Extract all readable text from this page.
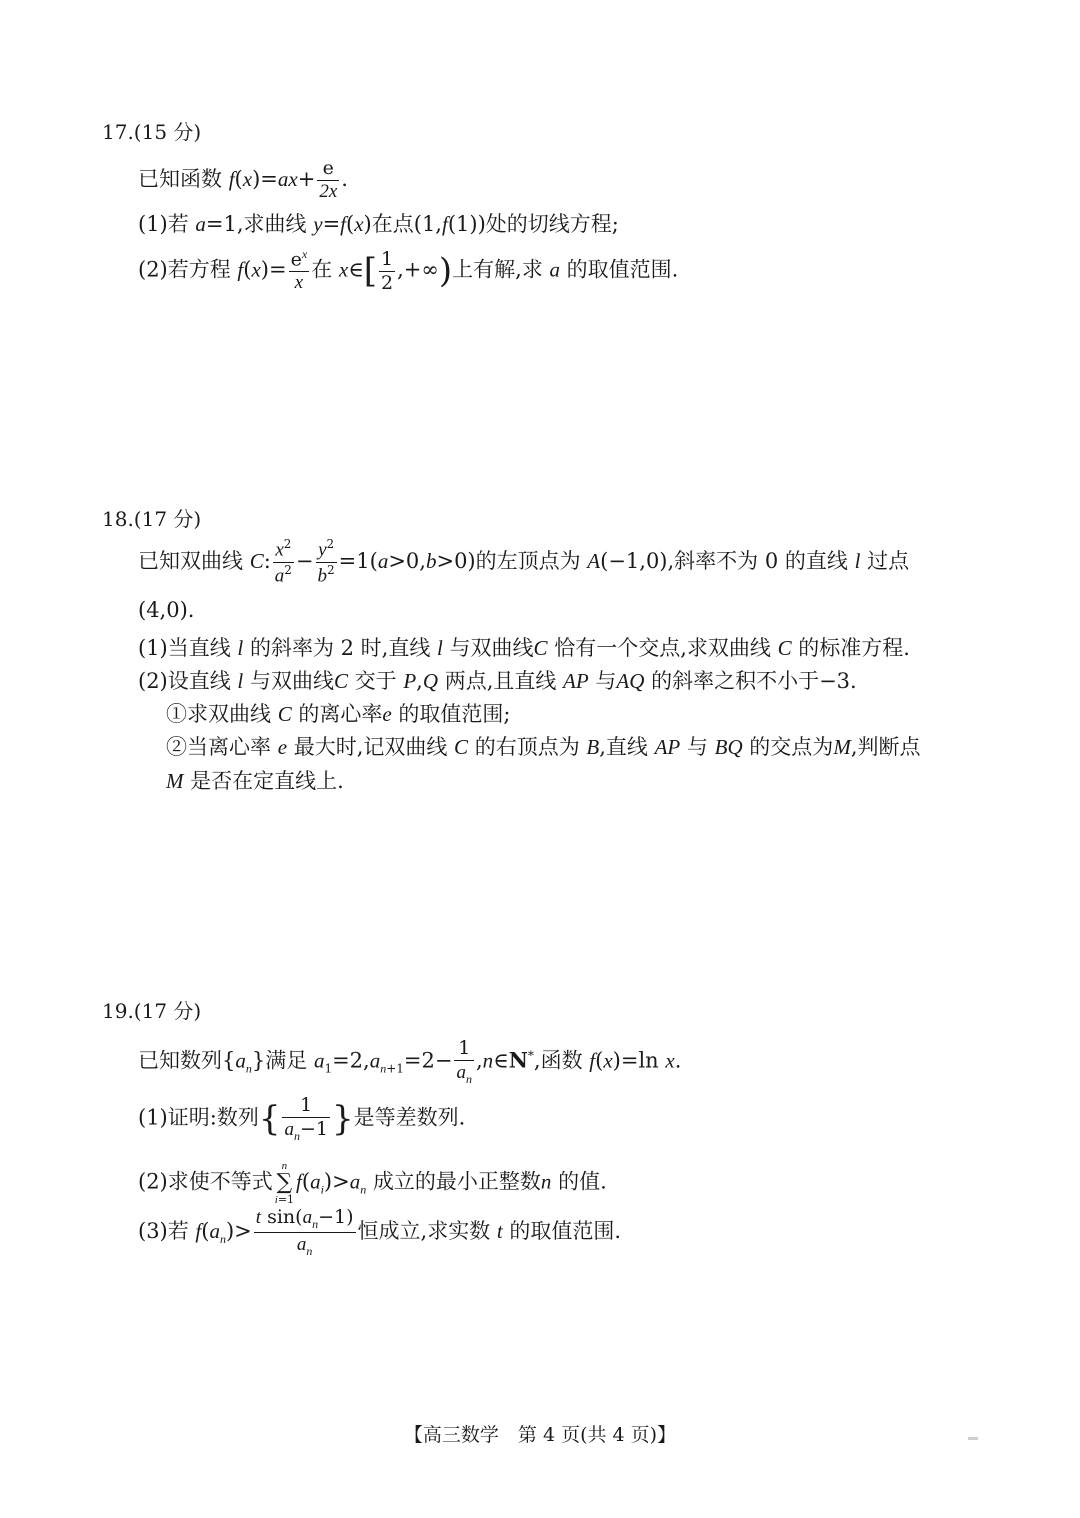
17.(15 分)
已知函数 $f(x)=ax+ \frac{e}{2x}$ .
(1)若 a=1,求曲线 y=f(x)在点(1,f(1))处的切线方程;
(2)若方程 $f(x)= \frac{e^x}{x}$ 在 x∈[ $\frac{1}{2}$ ,+∞)上有解,求 a 的取值范围.
18.(17 分)
已知双曲线 C: $\frac{x^2}{a^2} - \frac{y^2}{b^2} =1(a>0,b>0)$的左顶点为 A(−1,0),斜率不为 0 的直线 l 过点
(4,0).
(1)当直线 l 的斜率为 2 时,直线 l 与双曲线C 恰有一个交点,求双曲线 C 的标准方程.
(2)设直线 l 与双曲线C 交于 P,Q 两点,且直线 AP 与AQ 的斜率之积不小于−3.
①求双曲线 C 的离心率e 的取值范围;
②当离心率 e 最大时,记双曲线 C 的右顶点为 B,直线 AP 与 BQ 的交点为M,判断点
M 是否在定直线上.
19.(17 分)
已知数列$\{a_n\}$满足 $a_1=2,a_{n+1}=2- \frac{1}{a_n}$ ,n∈N*,函数 f(x)=ln x.
(1)证明:数列{ $\frac{1}{a_n-1}$ }是等差数列.
(2)求使不等式n
∑
$i=1f(a_i)>a_n$ 成立的最小正整数n 的值.
(3)若 $f(a_n)> \frac{t \sin(a_n-1)}{a_n}$ 恒成立,求实数 t 的取值范围.
【高三数学　第 4 页(共 4 页)】
